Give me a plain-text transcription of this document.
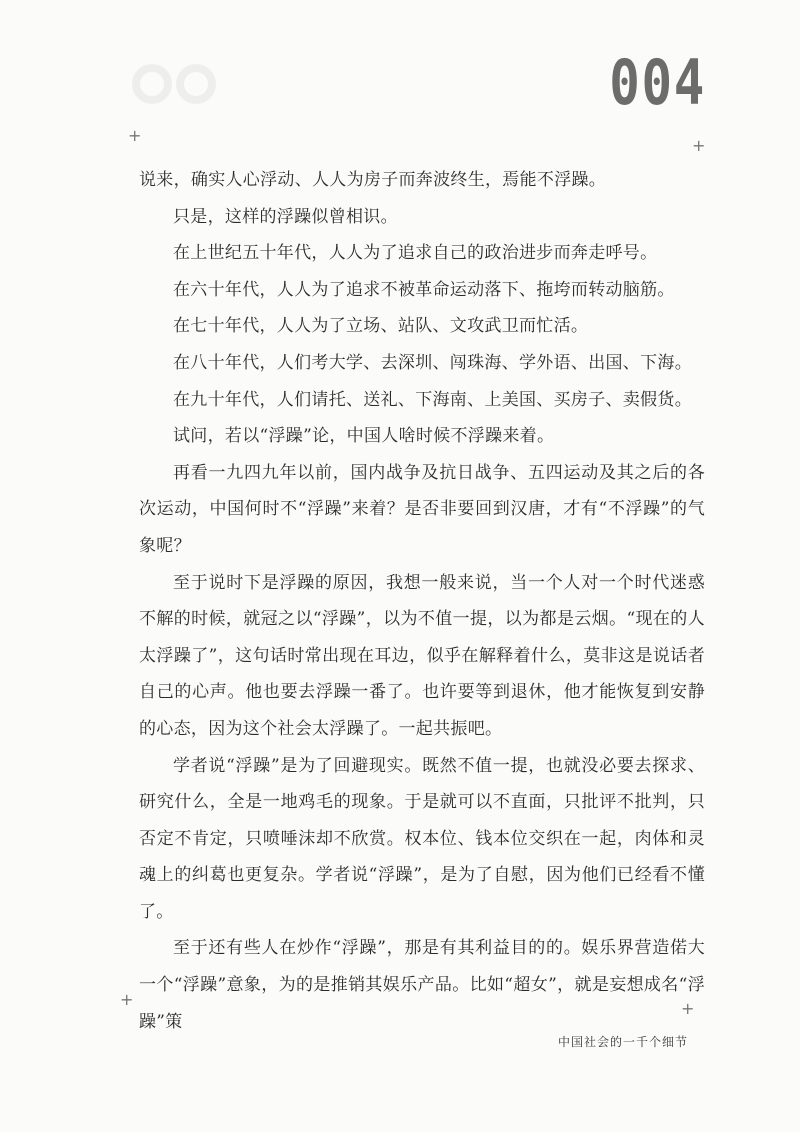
004
+
+
+	+

说来，确实人心浮动、人人为房子而奔波终生，焉能不浮躁。

只是，这样的浮躁似曾相识。

在上世纪五十年代，人人为了追求自己的政治进步而奔走呼号。

在六十年代，人人为了追求不被革命运动落下、拖垮而转动脑筋。

在七十年代，人人为了立场、站队、文攻武卫而忙活。

在八十年代，人们考大学、去深圳、闯珠海、学外语、出国、下海。

在九十年代，人们请托、送礼、下海南、上美国、买房子、卖假货。

试问，若以“浮躁”论，中国人啥时候不浮躁来着。

再看一九四九年以前，国内战争及抗日战争、五四运动及其之后的各次运动，中国何时不“浮躁”来着？是否非要回到汉唐，才有“不浮躁”的气象呢？

至于说时下是浮躁的原因，我想一般来说，当一个人对一个时代迷惑不解的时候，就冠之以“浮躁”，以为不值一提，以为都是云烟。“现在的人太浮躁了”，这句话时常出现在耳边，似乎在解释着什么，莫非这是说话者自己的心声。他也要去浮躁一番了。也许要等到退休，他才能恢复到安静的心态，因为这个社会太浮躁了。一起共振吧。

学者说“浮躁”是为了回避现实。既然不值一提，也就没必要去探求、研究什么，全是一地鸡毛的现象。于是就可以不直面，只批评不批判，只否定不肯定，只喷唾沫却不欣赏。权本位、钱本位交织在一起，肉体和灵魂上的纠葛也更复杂。学者说“浮躁”，是为了自慰，因为他们已经看不懂了。

至于还有些人在炒作“浮躁”，那是有其利益目的的。娱乐界营造偌大一个“浮躁”意象，为的是推销其娱乐产品。比如“超女”，就是妄想成名“浮躁”策

中国社会的一千个细节
